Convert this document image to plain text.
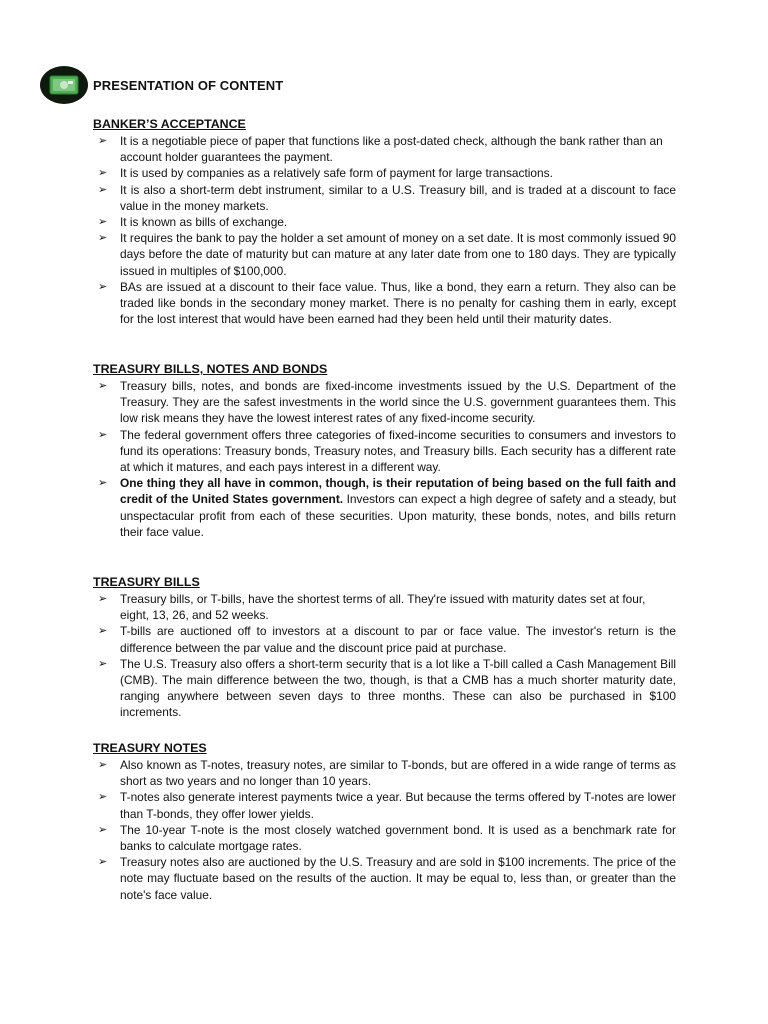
PRESENTATION OF CONTENT
BANKER’S ACCEPTANCE
➢ It is a negotiable piece of paper that functions like a post-dated check, although the bank rather than an account holder guarantees the payment.
➢ It is used by companies as a relatively safe form of payment for large transactions.
➢ It is also a short-term debt instrument, similar to a U.S. Treasury bill, and is traded at a discount to face value in the money markets.
➢ It is known as bills of exchange.
➢ It requires the bank to pay the holder a set amount of money on a set date. It is most commonly issued 90 days before the date of maturity but can mature at any later date from one to 180 days. They are typically issued in multiples of $100,000.
➢ BAs are issued at a discount to their face value. Thus, like a bond, they earn a return. They also can be traded like bonds in the secondary money market. There is no penalty for cashing them in early, except for the lost interest that would have been earned had they been held until their maturity dates.
TREASURY BILLS, NOTES AND BONDS
➢ Treasury bills, notes, and bonds are fixed-income investments issued by the U.S. Department of the Treasury. They are the safest investments in the world since the U.S. government guarantees them. This low risk means they have the lowest interest rates of any fixed-income security.
➢ The federal government offers three categories of fixed-income securities to consumers and investors to fund its operations: Treasury bonds, Treasury notes, and Treasury bills. Each security has a different rate at which it matures, and each pays interest in a different way.
➢ One thing they all have in common, though, is their reputation of being based on the full faith and credit of the United States government. Investors can expect a high degree of safety and a steady, but unspectacular profit from each of these securities. Upon maturity, these bonds, notes, and bills return their face value.
TREASURY BILLS
➢ Treasury bills, or T-bills, have the shortest terms of all. They're issued with maturity dates set at four, eight, 13, 26, and 52 weeks.
➢ T-bills are auctioned off to investors at a discount to par or face value. The investor's return is the difference between the par value and the discount price paid at purchase.
➢ The U.S. Treasury also offers a short-term security that is a lot like a T-bill called a Cash Management Bill (CMB). The main difference between the two, though, is that a CMB has a much shorter maturity date, ranging anywhere between seven days to three months. These can also be purchased in $100 increments.
TREASURY NOTES
➢ Also known as T-notes, treasury notes, are similar to T-bonds, but are offered in a wide range of terms as short as two years and no longer than 10 years.
➢ T-notes also generate interest payments twice a year. But because the terms offered by T-notes are lower than T-bonds, they offer lower yields.
➢ The 10-year T-note is the most closely watched government bond. It is used as a benchmark rate for banks to calculate mortgage rates.
➢ Treasury notes also are auctioned by the U.S. Treasury and are sold in $100 increments. The price of the note may fluctuate based on the results of the auction. It may be equal to, less than, or greater than the note's face value.
